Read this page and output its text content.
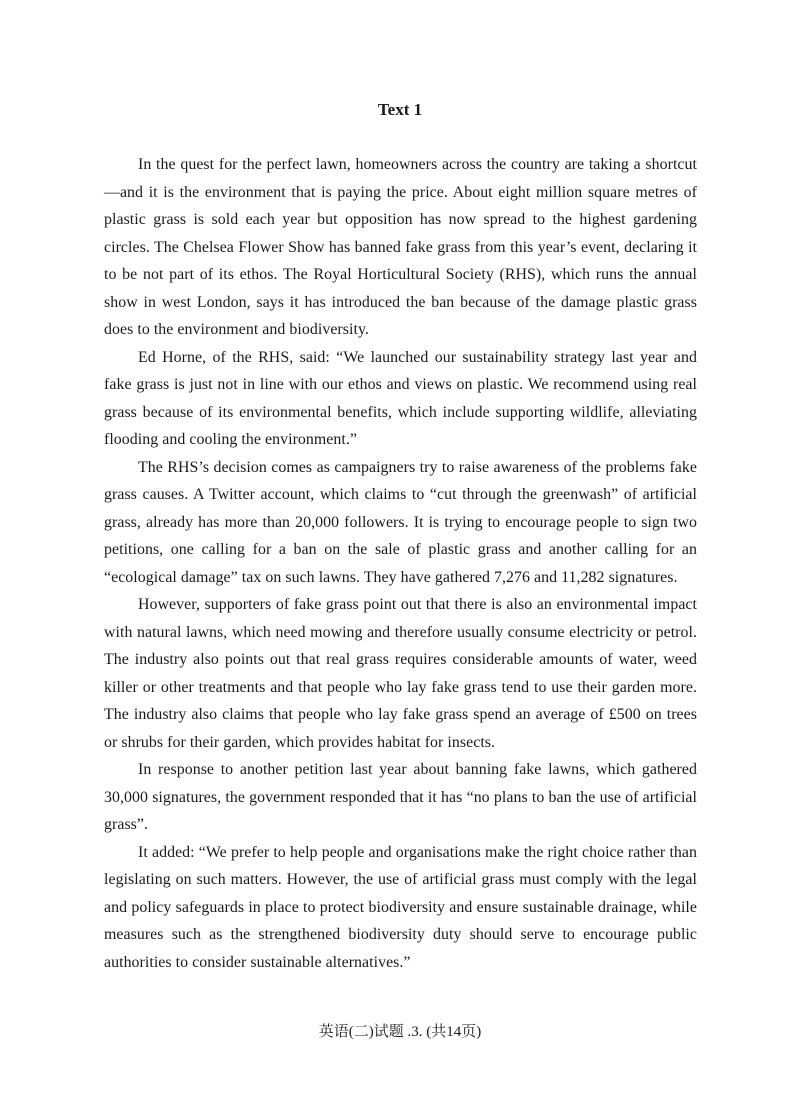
Text 1

In the quest for the perfect lawn, homeowners across the country are taking a shortcut—and it is the environment that is paying the price. About eight million square metres of plastic grass is sold each year but opposition has now spread to the highest gardening circles. The Chelsea Flower Show has banned fake grass from this year’s event, declaring it to be not part of its ethos. The Royal Horticultural Society (RHS), which runs the annual show in west London, says it has introduced the ban because of the damage plastic grass does to the environment and biodiversity.

Ed Horne, of the RHS, said: “We launched our sustainability strategy last year and fake grass is just not in line with our ethos and views on plastic. We recommend using real grass because of its environmental benefits, which include supporting wildlife, alleviating flooding and cooling the environment.”

The RHS’s decision comes as campaigners try to raise awareness of the problems fake grass causes. A Twitter account, which claims to “cut through the greenwash” of artificial grass, already has more than 20,000 followers. It is trying to encourage people to sign two petitions, one calling for a ban on the sale of plastic grass and another calling for an “ecological damage” tax on such lawns. They have gathered 7,276 and 11,282 signatures.

However, supporters of fake grass point out that there is also an environmental impact with natural lawns, which need mowing and therefore usually consume electricity or petrol. The industry also points out that real grass requires considerable amounts of water, weed killer or other treatments and that people who lay fake grass tend to use their garden more. The industry also claims that people who lay fake grass spend an average of £500 on trees or shrubs for their garden, which provides habitat for insects.

In response to another petition last year about banning fake lawns, which gathered 30,000 signatures, the government responded that it has “no plans to ban the use of artificial grass”.

It added: “We prefer to help people and organisations make the right choice rather than legislating on such matters. However, the use of artificial grass must comply with the legal and policy safeguards in place to protect biodiversity and ensure sustainable drainage, while measures such as the strengthened biodiversity duty should serve to encourage public authorities to consider sustainable alternatives.”

英语(二)试题 .3. (共14页)
